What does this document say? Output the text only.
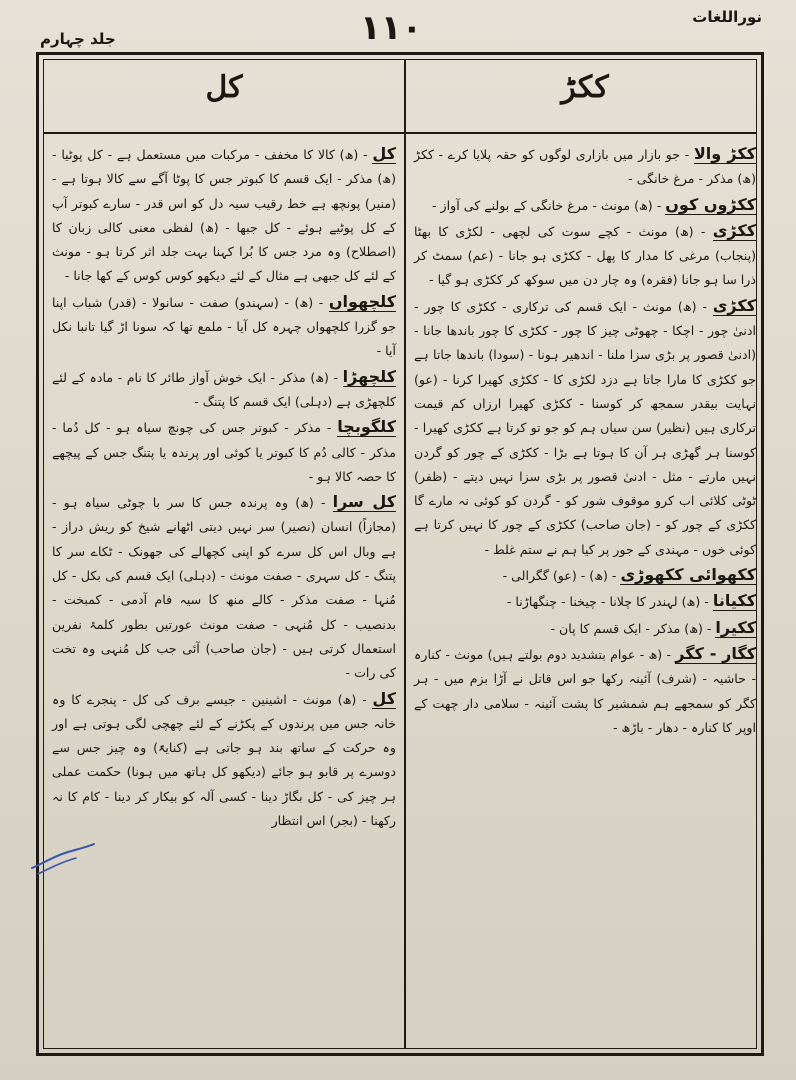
جلد چہارم	۱۱۰	نوراللغات
کل	ککڑ

کل - (ھ) کالا کا مخفف - مرکبات میں مستعمل ہے - کل پوٹیا - (ھ) مذکر - ایک قسم کا کبوتر جس کا پوٹا آگے سے کالا ہوتا ہے - (منیر) پونچھ ہے خط رقیب سیہ دل کو اس قدر - سارے کبوتر آپ کے کل پوٹیے ہوئے - کل جبھا - (ھ) لفظی معنی کالی زبان کا (اصطلاح) وہ مرد جس کا بُرا کہنا بہت جلد اثر کرتا ہو - مونث کے لئے کل جبھی ہے مثال کے لئے دیکھو کوس کوس کے کھا جانا -

کلچھواں - (ھ) - (سہندو) صفت - سانولا - (قدر) شباب اپنا جو گزرا کلچھواں چہرہ کل آیا - ملمع تھا کہ سونا اڑ گیا تانبا نکل آیا -

کلچھڑا - (ھ) مذکر - ایک خوش آواز طائر کا نام - مادہ کے لئے کلچھڑی ہے (دہلی) ایک قسم کا پتنگ -

کلگوبچا - مذکر - کبوتر جس کی چونچ سیاہ ہو - کل دُما - مذکر - کالی دُم کا کبوتر یا کوئی اور پرندہ یا پتنگ جس کے پیچھے کا حصہ کالا ہو -

کل سرا - (ھ) وہ پرندہ جس کا سر با چوٹی سیاہ ہو - (مجازاً) انسان (نصیر) سر نہیں دیتی اٹھانے شیخ کو ریش دراز - ہے وبال اس کل سرے کو اپنی کچھالے کی جھونک - ٹکاے سر کا پتنگ - کل سہری - صفت مونث - (دہلی) ایک قسم کی بکل - کل مُنہا - صفت مذکر - کالے منھ کا سیہ فام آدمی - کمبخت - بدنصیب - کل مُنہی - صفت مونث عورتیں بطور کلمۂ نفرین استعمال کرتی ہیں - (جان صاحب) آئی جب کل مُنہی وہ تخت کی رات -

کل - (ھ) مونث - اشینین - جیسے برف کی کل - پنجرے کا وہ خانہ جس میں پرندوں کے پکڑنے کے لئے چھچی لگی ہوتی ہے اور وہ حرکت کے ساتھ بند ہو جاتی ہے (کنایۃً) وہ چیز جس سے دوسرے پر قابو ہو جائے (دیکھو کل ہاتھ میں ہونا) حکمت عملی ہر چیز کی - کل بگاڑ دینا - کسی آلہ کو بیکار کر دینا - کام کا نہ رکھنا - (بجر) اس انتظار

ککڑ والا - جو بازار میں بازاری لوگوں کو حقہ پلایا کرے - ککڑ (ھ) مذکر - مرغ خانگی -

ککڑوں کوں - (ھ) مونث - مرغ خانگی کے بولنے کی آواز -

ککڑی - (ھ) مونث - کچے سوت کی لچھی - لکڑی کا بھٹا (پنجاب) مرغی کا مدار کا پھل - ککڑی ہو جانا - (عم) سمٹ کر ذرا سا ہو جانا (فقرہ) وہ چار دن میں سوکھ کر ککڑی ہو گیا -

ککڑی - (ھ) مونث - ایک قسم کی ترکاری - ککڑی کا چور - ادنیٰ چور - اچکا - چھوٹی چیز کا چور - ککڑی کا چور باندھا جانا - (ادنیٰ قصور پر بڑی سزا ملنا - اندھیر ہونا - (سودا) باندھا جاتا ہے جو ککڑی کا مارا جاتا ہے دزد لکڑی کا - ککڑی کھیرا کرنا - (عو) نہایت بیقدر سمجھ کر کوسنا - ککڑی کھیرا ارزاں کم قیمت ترکاری ہیں (نظیر) سن سیاں ہم کو جو تو کرتا ہے ککڑی کھیرا - کوسنا ہر گھڑی ہر آن کا ہوتا ہے بڑا - ککڑی کے چور کو گردن نہیں مارتے - مثل - ادنیٰ قصور پر بڑی سزا نہیں دیتے - (ظفر) ٹوٹی کلائی اب کرو موقوف شور کو - گردن کو کوئی نہ مارے گا ککڑی کے چور کو - (جان صاحب) ککڑی کے چور کا نہیں کرتا ہے کوئی خوں - مہندی کے جور پر کیا ہم نے ستم غلط -

ککھوائی ککھوڑی - (ھ) - (عو) گگرالی -

ککیانا - (ھ) لہندر کا چلانا - چیخنا - چنگھاڑنا -

ککیرا - (ھ) مذکر - ایک قسم کا پان -

کگار - کگر - (ھ - عوام بتشدید دوم بولتے ہیں) مونث - کنارہ - حاشیہ - (شرف) آئینہ رکھا جو اس قاتل نے آڑا بزم میں - ہر کگر کو سمجھے ہم شمشیر کا پشت آئینہ - سلامی دار چھت کے اوپر کا کنارہ - دھار - باڑھ -
